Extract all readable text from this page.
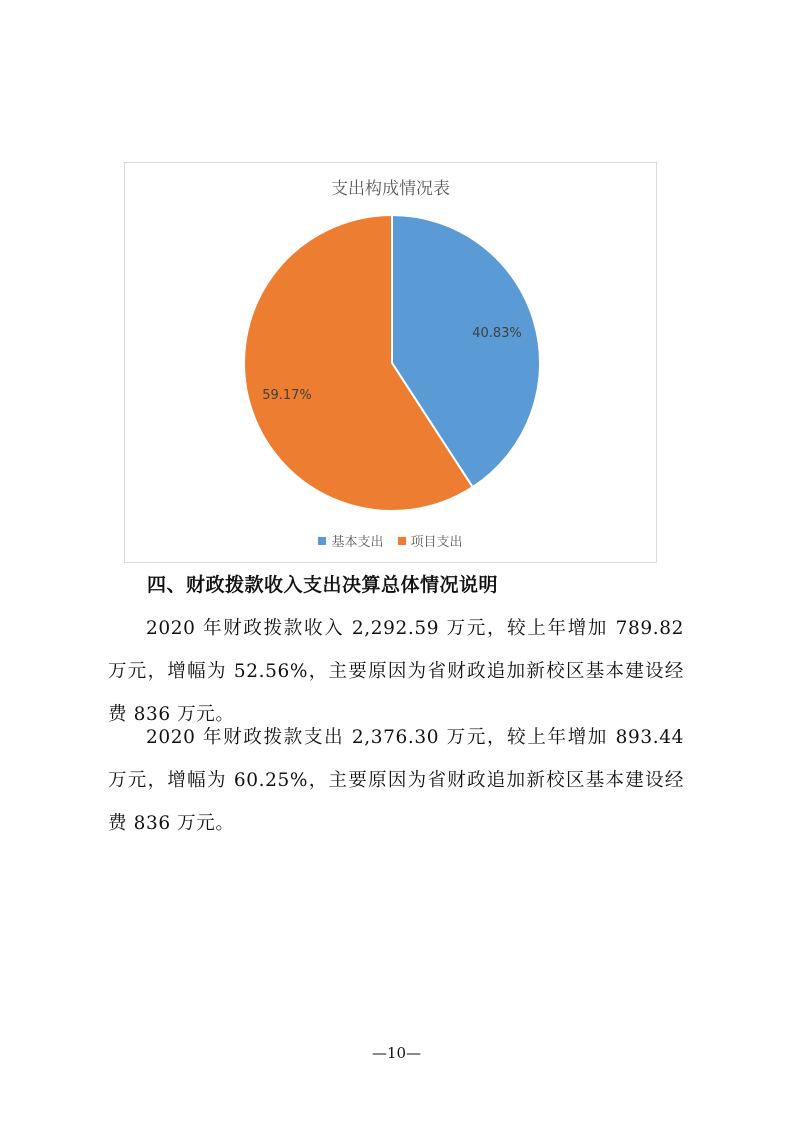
支出构成情况表
40.83%
59.17%
基本支出 项目支出
四、财政拨款收入支出决算总体情况说明

2020 年财政拨款收入 2,292.59 万元，较上年增加 789.82 万元，增幅为 52.56%，主要原因为省财政追加新校区基本建设经费 836 万元。

2020 年财政拨款支出 2,376.30 万元，较上年增加 893.44 万元，增幅为 60.25%，主要原因为省财政追加新校区基本建设经费 836 万元。

—10—
